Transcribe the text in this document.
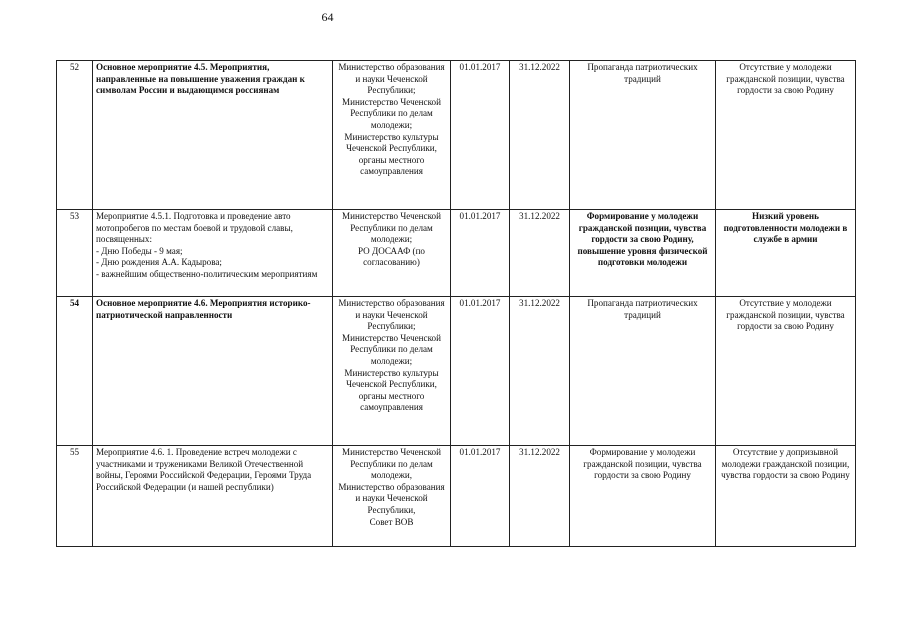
64
52	Основное мероприятие 4.5. Мероприятия, направленные на повышение уважения граждан к символам России и выдающимся россиянам	Министерство образования и науки Чеченской Республики;
Министерство Чеченской Республики по делам молодежи;
Министерство культуры Чеченской Республики,
органы местного самоуправления	01.01.2017	31.12.2022	Пропаганда патриотических традиций	Отсутствие у молодежи гражданской позиции, чувства гордости за свою Родину
53	Мероприятие 4.5.1. Подготовка и проведение авто мотопробегов по местам боевой и трудовой славы, посвященных:
- Дню Победы - 9 мая;
- Дню рождения А.А. Кадырова;
- важнейшим общественно-политическим мероприятиям	Министерство Чеченской Республики по делам молодежи;
РО ДОСААФ (по согласованию)	01.01.2017	31.12.2022	Формирование у молодежи гражданской позиции, чувства гордости за свою Родину, повышение уровня физической подготовки молодежи	Низкий уровень подготовленности молодежи в службе в армии
54	Основное мероприятие 4.6. Мероприятия историко-патриотической направленности	Министерство образования и науки Чеченской Республики;
Министерство Чеченской Республики по делам молодежи;
Министерство культуры Чеченской Республики,
органы местного самоуправления	01.01.2017	31.12.2022	Пропаганда патриотических традиций	Отсутствие у молодежи гражданской позиции, чувства гордости за свою Родину
55	Мероприятие 4.6. 1. Проведение встреч молодежи с участниками и тружениками Великой Отечественной войны, Героями Российской Федерации, Героями Труда Российской Федерации (и нашей республики)	Министерство Чеченской Республики по делам молодежи,
Министерство образования и науки Чеченской Республики,
Совет ВОВ	01.01.2017	31.12.2022	Формирование у молодежи гражданской позиции, чувства гордости за свою Родину	Отсутствие у допризывной молодежи гражданской позиции, чувства гордости за свою Родину
